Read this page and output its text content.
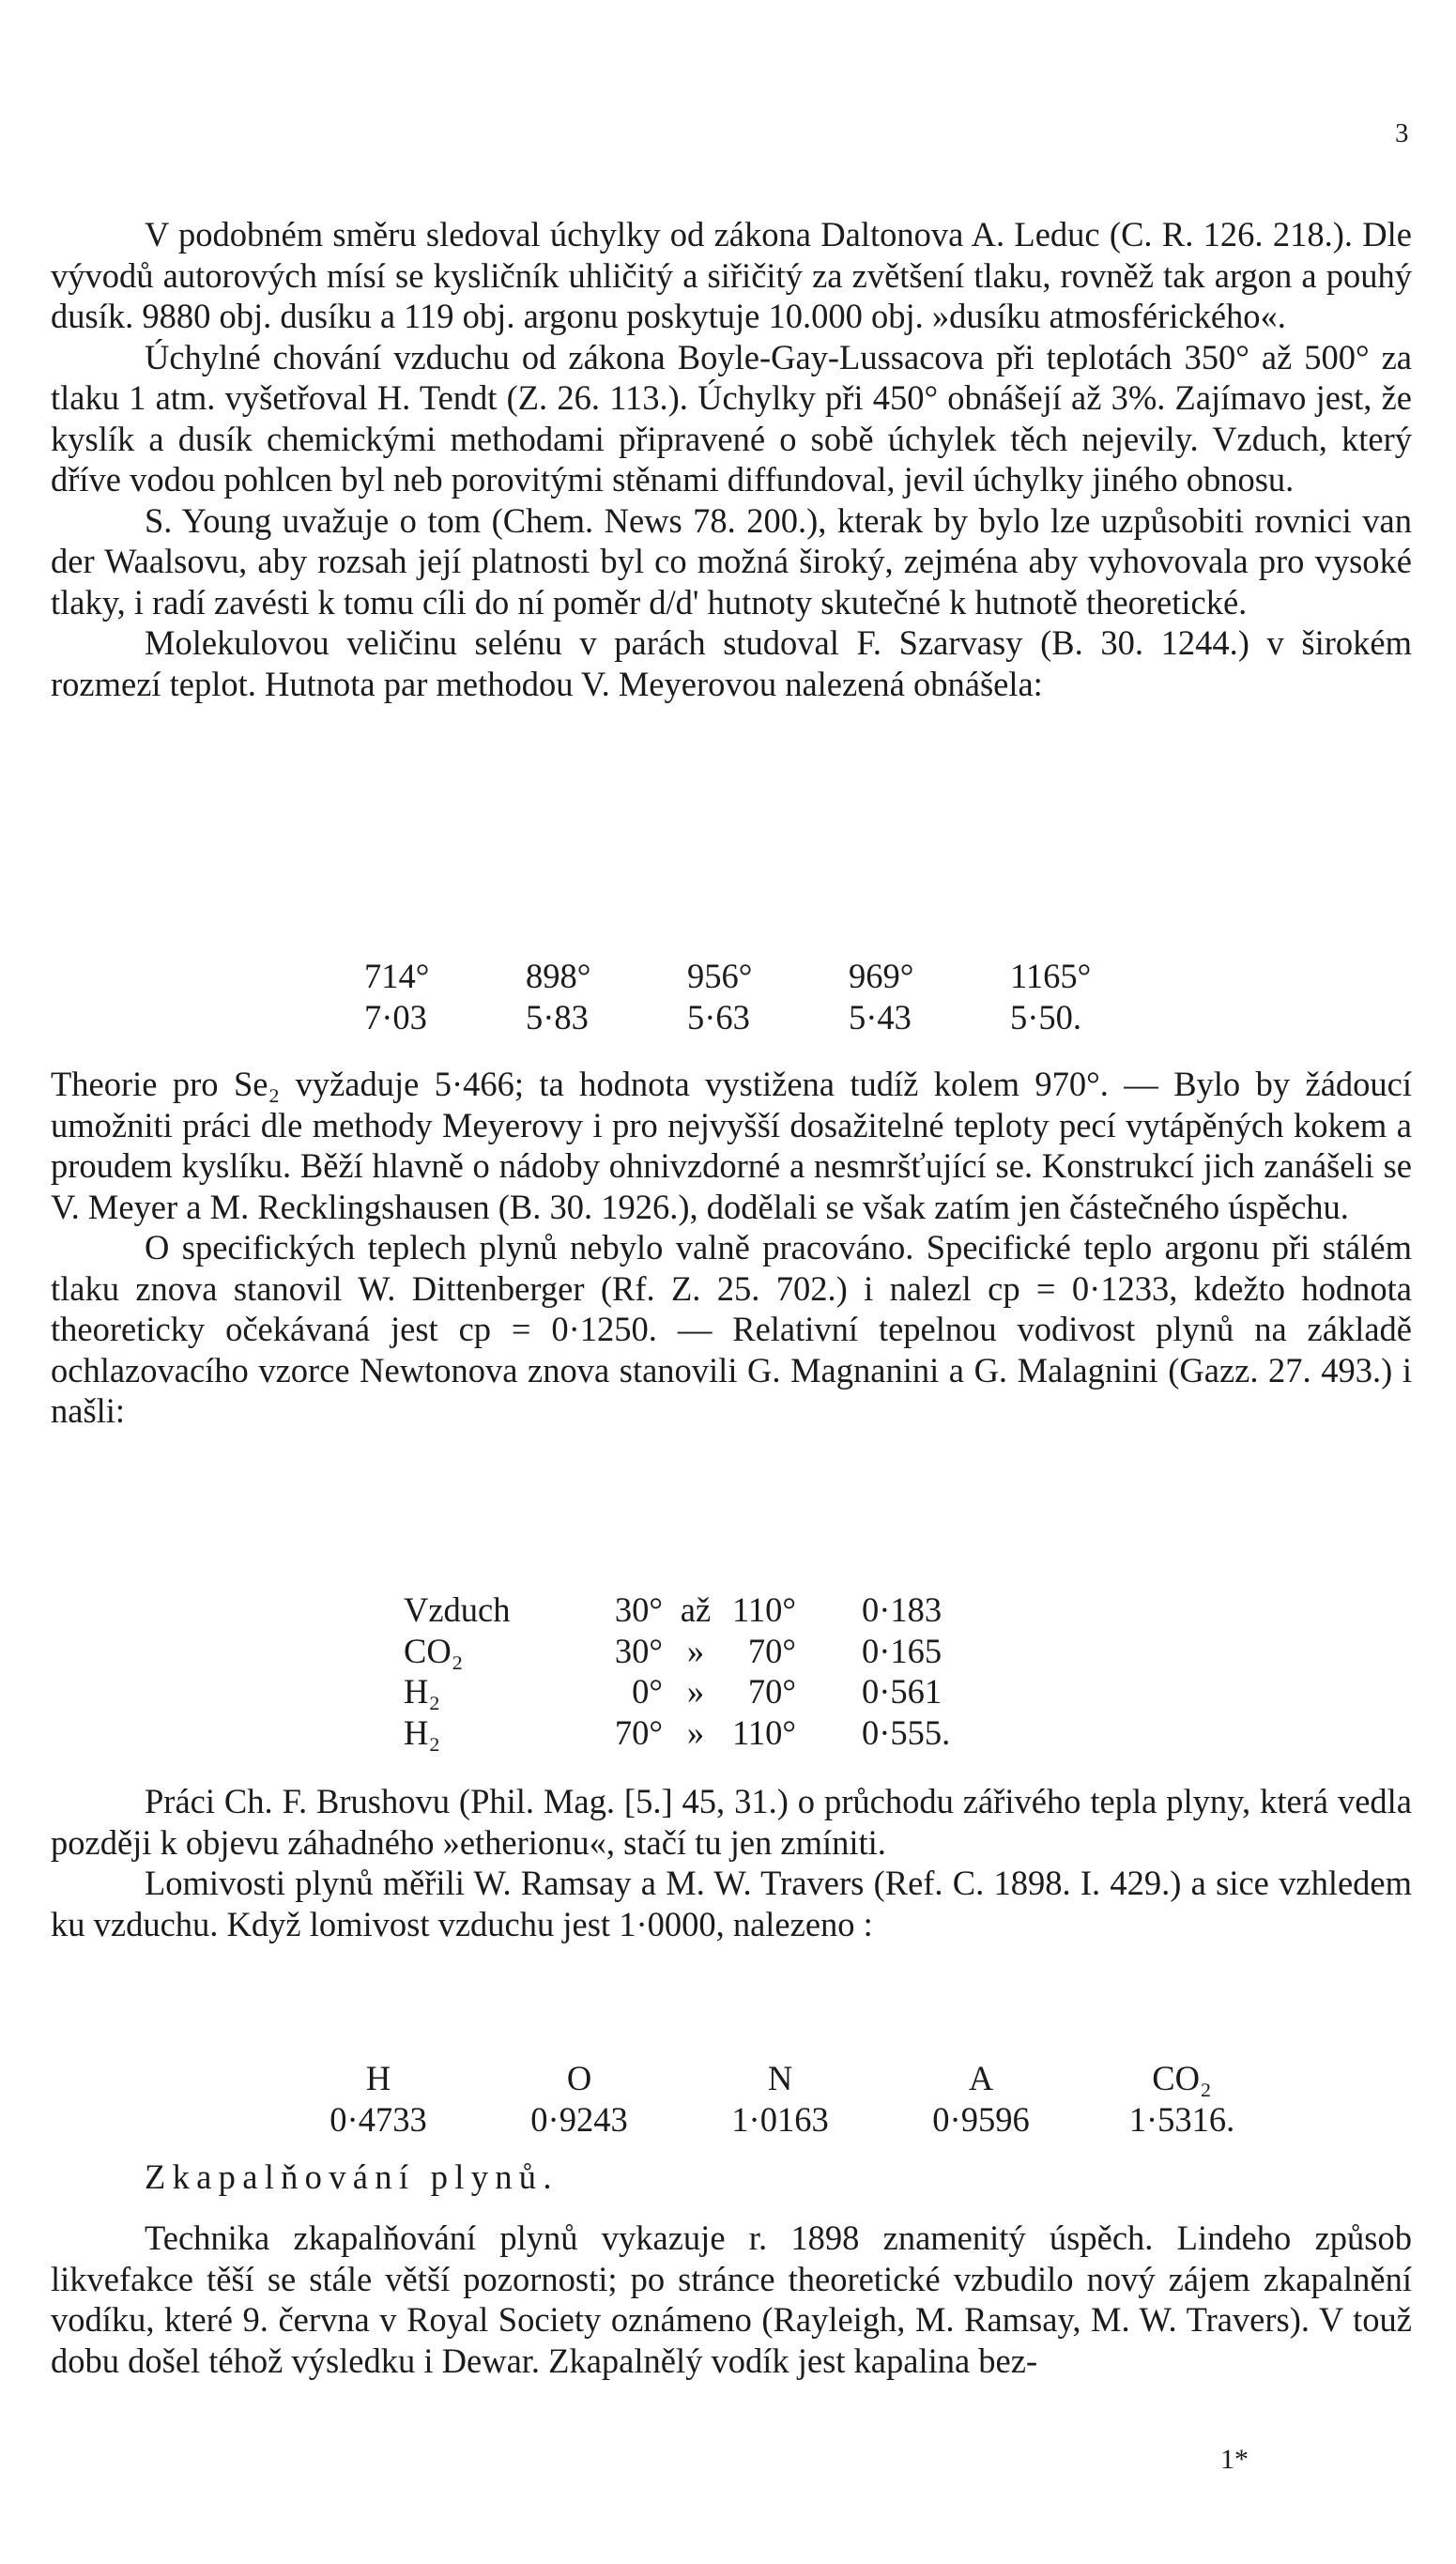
3

V podobném směru sledoval úchylky od zákona Daltonova A. Leduc (C. R. 126. 218.). Dle vývodů autorových mísí se kysličník uhličitý a siřičitý za zvětšení tlaku, rovněž tak argon a pouhý dusík. 9880 obj. dusíku a 119 obj. argonu poskytuje 10.000 obj. »dusíku atmosférického«.

Úchylné chování vzduchu od zákona Boyle-Gay-Lussacova při teplotách 350° až 500° za tlaku 1 atm. vyšetřoval H. Tendt (Z. 26. 113.). Úchylky při 450° obnášejí až 3%. Zajímavo jest, že kyslík a dusík chemickými methodami připravené o sobě úchylek těch nejevily. Vzduch, který dříve vodou pohlcen byl neb porovitými stěnami diffundoval, jevil úchylky jiného obnosu.

S. Young uvažuje o tom (Chem. News 78. 200.), kterak by bylo lze uzpůsobiti rovnici van der Waalsovu, aby rozsah její platnosti byl co možná široký, zejména aby vyhovovala pro vysoké tlaky, i radí zavésti k tomu cíli do ní poměr d/d' hutnoty skutečné k hutnotě theoretické.

Molekulovou veličinu selénu v parách studoval F. Szarvasy (B. 30. 1244.) v širokém rozmezí teplot. Hutnota par methodou V. Meyerovou nalezená obnášela:

714°	898°	956°	969°	1165°
7·03	5·83	5·63	5·43	5·50.

Theorie pro Se₂ vyžaduje 5·466; ta hodnota vystižena tudíž kolem 970°. — Bylo by žádoucí umožniti práci dle methody Meyerovy i pro nejvyšší dosažitelné teploty pecí vytápěných kokem a proudem kyslíku. Běží hlavně o nádoby ohnivzdorné a nesmršťující se. Konstrukcí jich zanášeli se V. Meyer a M. Recklingshausen (B. 30. 1926.), dodělali se však zatím jen částečného úspěchu.

O specifických teplech plynů nebylo valně pracováno. Specifické teplo argonu při stálém tlaku znova stanovil W. Dittenberger (Rf. Z. 25. 702.) i nalezl cp = 0·1233, kdežto hodnota theoreticky očekávaná jest cp = 0·1250. — Relativní tepelnou vodivost plynů na základě ochlazovacího vzorce Newtonova znova stanovili G. Magnanini a G. Malagnini (Gazz. 27. 493.) i našli:

Vzduch	30°	až	110°	0·183
CO₂	30°	»	70°	0·165
H₂	0°	»	70°	0·561
H₂	70°	»	110°	0·555.

Práci Ch. F. Brushovu (Phil. Mag. [5.] 45, 31.) o průchodu zářivého tepla plyny, která vedla později k objevu záhadného »etherionu«, stačí tu jen zmíniti.

Lomivosti plynů měřili W. Ramsay a M. W. Travers (Ref. C. 1898. I. 429.) a sice vzhledem ku vzduchu. Když lomivost vzduchu jest 1·0000, nalezeno :

H	O	N	A	CO₂
0·4733	0·9243	1·0163	0·9596	1·5316.

Zkapalňování plynů.

Technika zkapalňování plynů vykazuje r. 1898 znamenitý úspěch. Lindeho způsob likvefakce těší se stále větší pozornosti; po stránce theoretické vzbudilo nový zájem zkapalnění vodíku, které 9. června v Royal Society oznámeno (Rayleigh, M. Ramsay, M. W. Travers). V touž dobu došel téhož výsledku i Dewar. Zkapalnělý vodík jest kapalina bez-

1*
